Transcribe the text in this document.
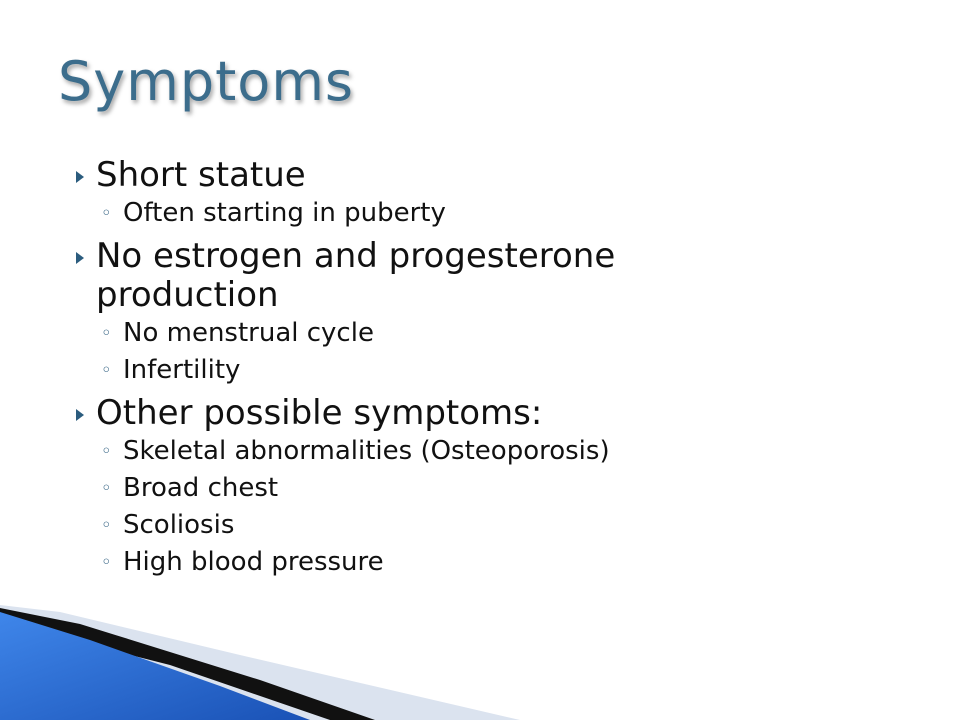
Symptoms
Short statue
◦ Often starting in puberty
No estrogen and progesterone production
◦ No menstrual cycle
◦ Infertility
Other possible symptoms:
◦ Skeletal abnormalities (Osteoporosis)
◦ Broad chest
◦ Scoliosis
◦ High blood pressure
